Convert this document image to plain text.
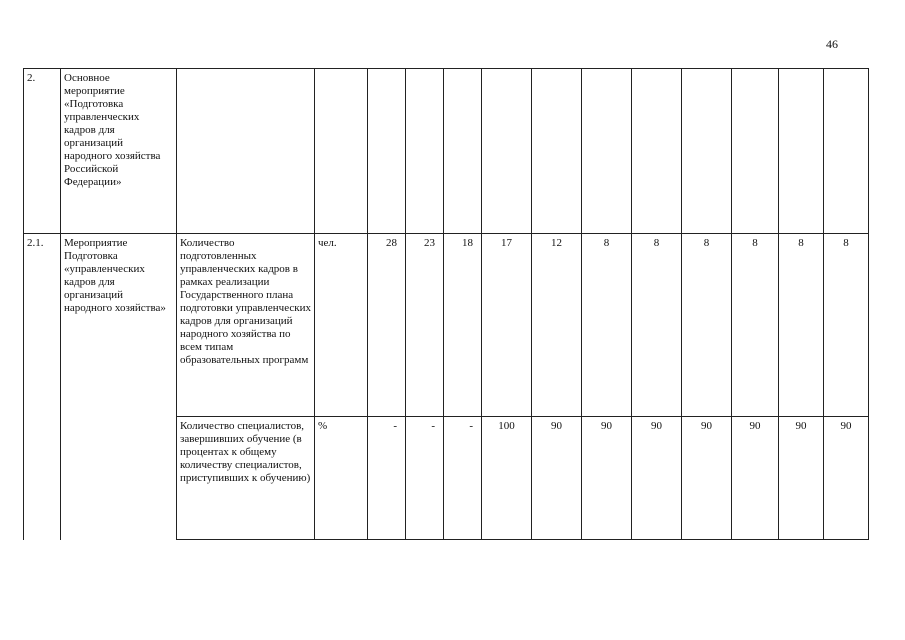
46
2.	Основное мероприятие «Подготовка управленческих кадров для организаций народного хозяйства Российской Федерации»													
2.1.	Мероприятие Подготовка «управленческих кадров для организаций народного хозяйства»	Количество подготовленных управленческих кадров в рамках реализации Государственного плана подготовки управленческих кадров для организаций народного хозяйства по всем типам образовательных программ	чел.	28	23	18	17	12	8	8	8	8	8	8
		Количество специалистов, завершивших обучение (в процентах к общему количеству специалистов, приступивших к обучению)	%	-	-	-	100	90	90	90	90	90	90	90
